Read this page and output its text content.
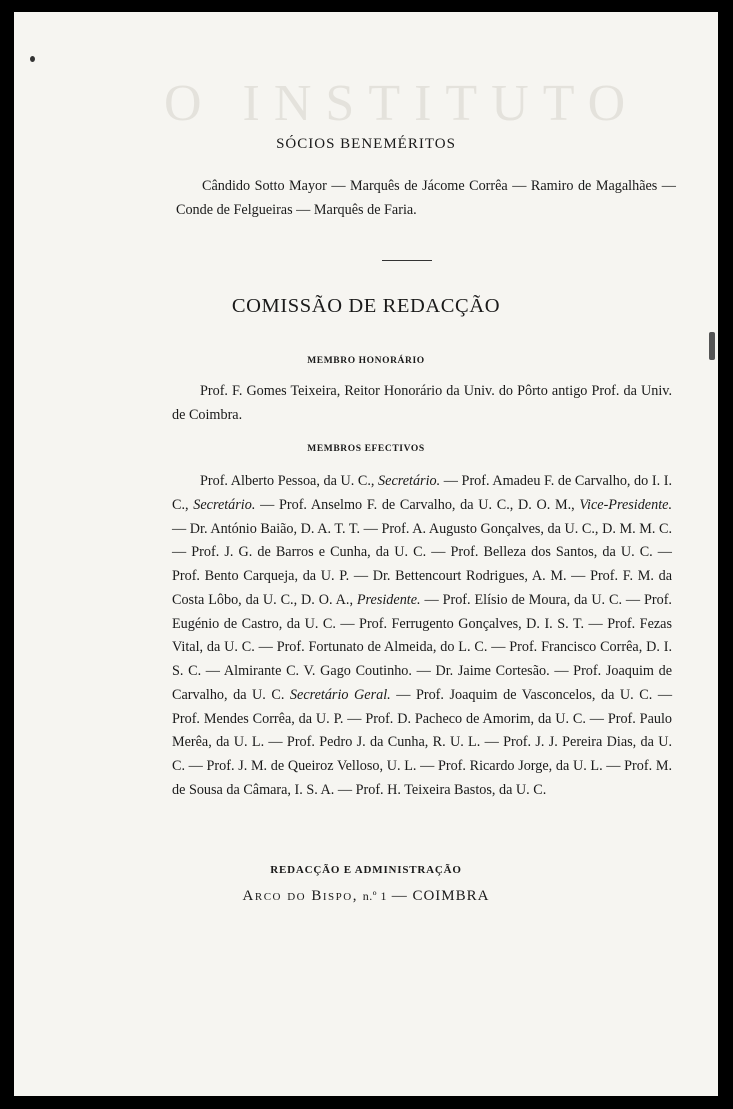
O INSTITUTO
SÓCIOS BENEMÉRITOS
Cândido Sotto Mayor — Marquês de Jácome Corrêa — Ramiro de Magalhães — Conde de Felgueiras — Marquês de Faria.
COMISSÃO DE REDACÇÃO
MEMBRO HONORÁRIO
Prof. F. Gomes Teixeira, Reitor Honorário da Univ. do Pôrto antigo Prof. da Univ. de Coimbra.
MEMBROS EFECTIVOS
Prof. Alberto Pessoa, da U. C., Secretário. — Prof. Amadeu F. de Carvalho, do I. I. C., Secretário. — Prof. Anselmo F. de Carvalho, da U. C., D. O. M., Vice-Presidente. — Dr. António Baião, D. A. T. T. — Prof. A. Augusto Gonçalves, da U. C., D. M. M. C. — Prof. J. G. de Barros e Cunha, da U. C. — Prof. Belleza dos Santos, da U. C. — Prof. Bento Carqueja, da U. P. — Dr. Bettencourt Rodrigues, A. M. — Prof. F. M. da Costa Lôbo, da U. C., D. O. A., Presidente. — Prof. Elísio de Moura, da U. C. — Prof. Eugénio de Castro, da U. C. — Prof. Ferrugento Gonçalves, D. I. S. T. — Prof. Fezas Vital, da U. C. — Prof. Fortunato de Almeida, do L. C. — Prof. Francisco Corrêa, D. I. S. C. — Almirante C. V. Gago Coutinho. — Dr. Jaime Cortesão. — Prof. Joaquim de Carvalho, da U. C. Secretário Geral. — Prof. Joaquim de Vasconcelos, da U. C. — Prof. Mendes Corrêa, da U. P. — Prof. D. Pacheco de Amorim, da U. C. — Prof. Paulo Merêa, da U. L. — Prof. Pedro J. da Cunha, R. U. L. — Prof. J. J. Pereira Dias, da U. C. — Prof. J. M. de Queiroz Velloso, U. L. — Prof. Ricardo Jorge, da U. L. — Prof. M. de Sousa da Câmara, I. S. A. — Prof. H. Teixeira Bastos, da U. C.
REDACÇÃO E ADMINISTRAÇÃO
Arco do Bispo, n.º 1 — COIMBRA
